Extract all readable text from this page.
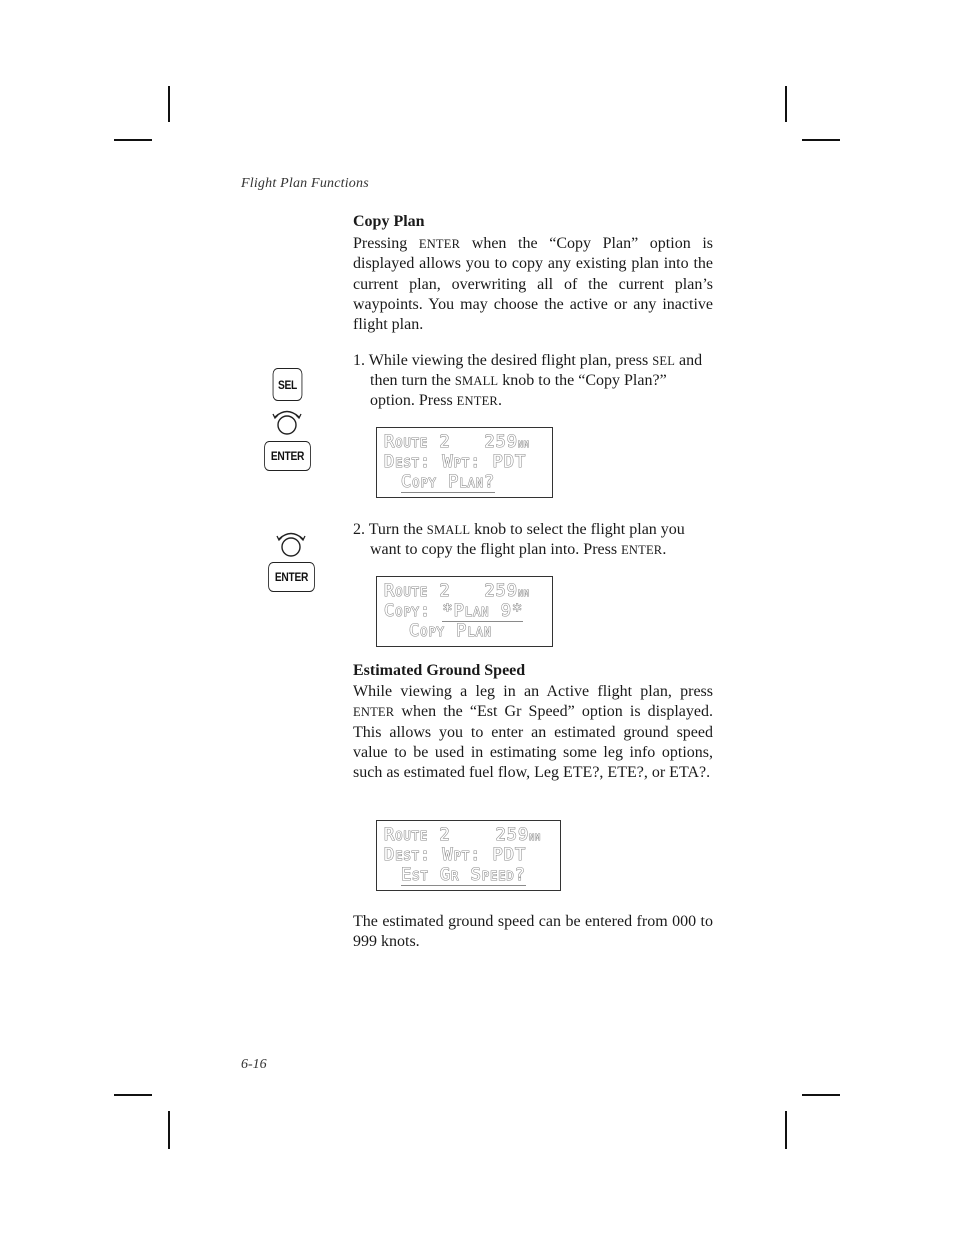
Flight Plan Functions
Copy Plan
Pressing ENTER when the “Copy Plan” option is displayed allows you to copy any existing plan into the current plan, overwriting all of the current plan’s waypoints. You may choose the active or any inactive flight plan.
1. While viewing the desired flight plan, press SEL and
then turn the SMALL knob to the “Copy Plan?”
option. Press ENTER.
SEL
ENTER
Route 2 259nm
Dest: Wpt: PDT
Copy Plan?
2. Turn the SMALL knob to select the flight plan you
want to copy the flight plan into. Press ENTER.
ENTER
Route 2 259nm
Copy: *Plan 9*
Copy Plan
Estimated Ground Speed
While viewing a leg in an Active flight plan, press ENTER when the “Est Gr Speed” option is displayed. This allows you to enter an estimated ground speed value to be used in estimating some leg info options, such as estimated fuel flow, Leg ETE?, ETE?, or ETA?.
Route 2	259nm
Dest: Wpt: PDT
Est Gr Speed?
The estimated ground speed can be entered from 000 to 999 knots.
6-16
